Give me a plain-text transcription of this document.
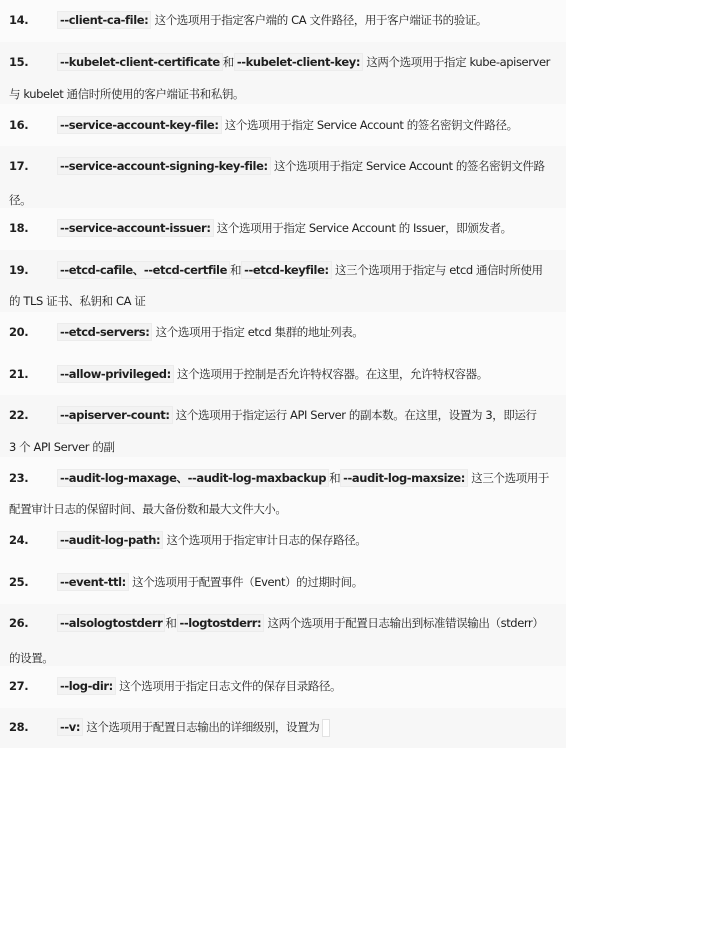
14.	--client-ca-file: 这个选项用于指定客户端的 CA 文件路径，用于客户端证书的验证。
15.	--kubelet-client-certificate 和 --kubelet-client-key: 这两个选项用于指定 kube-apiserver
与 kubelet 通信时所使用的客户端证书和私钥。
16.	--service-account-key-file: 这个选项用于指定 Service Account 的签名密钥文件路径。
17.	--service-account-signing-key-file: 这个选项用于指定 Service Account 的签名密钥文件路
径。
18.	--service-account-issuer: 这个选项用于指定 Service Account 的 Issuer，即颁发者。
19.	--etcd-cafile、--etcd-certfile 和 --etcd-keyfile: 这三个选项用于指定与 etcd 通信时所使用
的 TLS 证书、私钥和 CA 证
20.	--etcd-servers: 这个选项用于指定 etcd 集群的地址列表。
21.	--allow-privileged: 这个选项用于控制是否允许特权容器。在这里，允许特权容器。
22.	--apiserver-count: 这个选项用于指定运行 API Server 的副本数。在这里，设置为 3，即运行
3 个 API Server 的副
23.	--audit-log-maxage、--audit-log-maxbackup 和 --audit-log-maxsize: 这三个选项用于
配置审计日志的保留时间、最大备份数和最大文件大小。
24.	--audit-log-path: 这个选项用于指定审计日志的保存路径。
25.	--event-ttl: 这个选项用于配置事件（Event）的过期时间。
26.	--alsologtostderr 和 --logtostderr: 这两个选项用于配置日志输出到标准错误输出（stderr）
的设置。
27.	--log-dir: 这个选项用于指定日志文件的保存目录路径。
28.	--v: 这个选项用于配置日志输出的详细级别，设置为
